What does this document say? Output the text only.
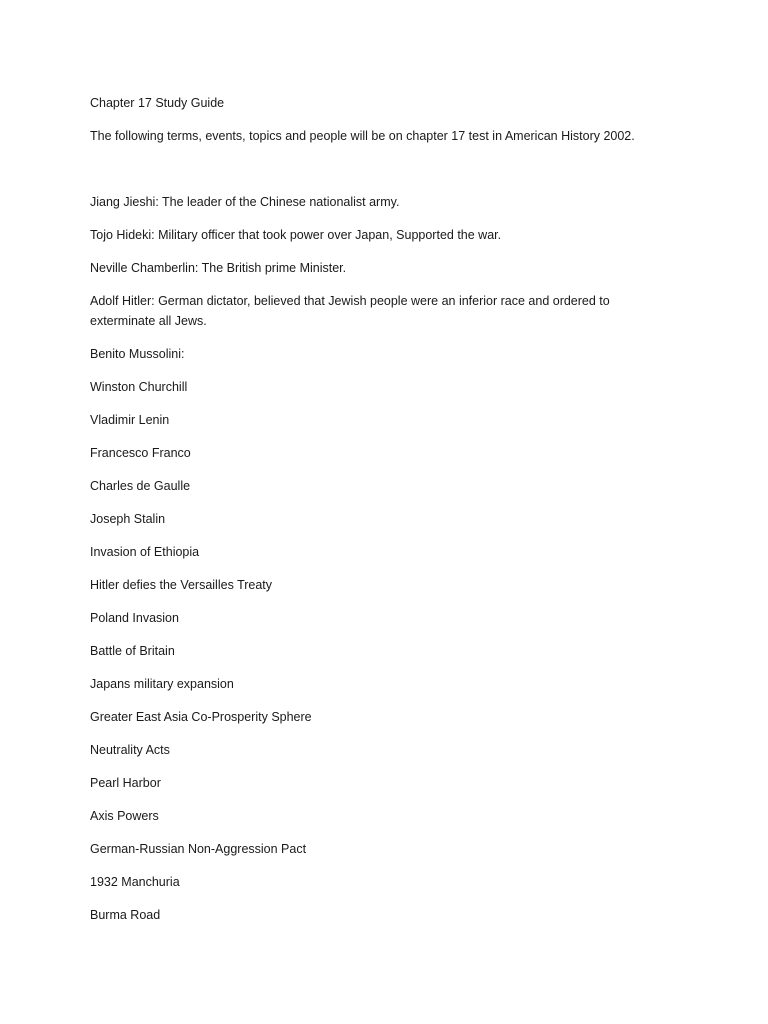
Chapter 17 Study Guide

The following terms, events, topics and people will be on chapter 17 test in American History 2002.

Jiang Jieshi: The leader of the Chinese nationalist army.
Tojo Hideki: Military officer that took power over Japan, Supported the war.
Neville Chamberlin: The British prime Minister.
Adolf Hitler: German dictator, believed that Jewish people were an inferior race and ordered to exterminate all Jews.
Benito Mussolini:
Winston Churchill
Vladimir Lenin
Francesco Franco
Charles de Gaulle
Joseph Stalin
Invasion of Ethiopia
Hitler defies the Versailles Treaty
Poland Invasion
Battle of Britain
Japans military expansion
Greater East Asia Co-Prosperity Sphere
Neutrality Acts
Pearl Harbor
Axis Powers
German-Russian Non-Aggression Pact
1932 Manchuria
Burma Road
